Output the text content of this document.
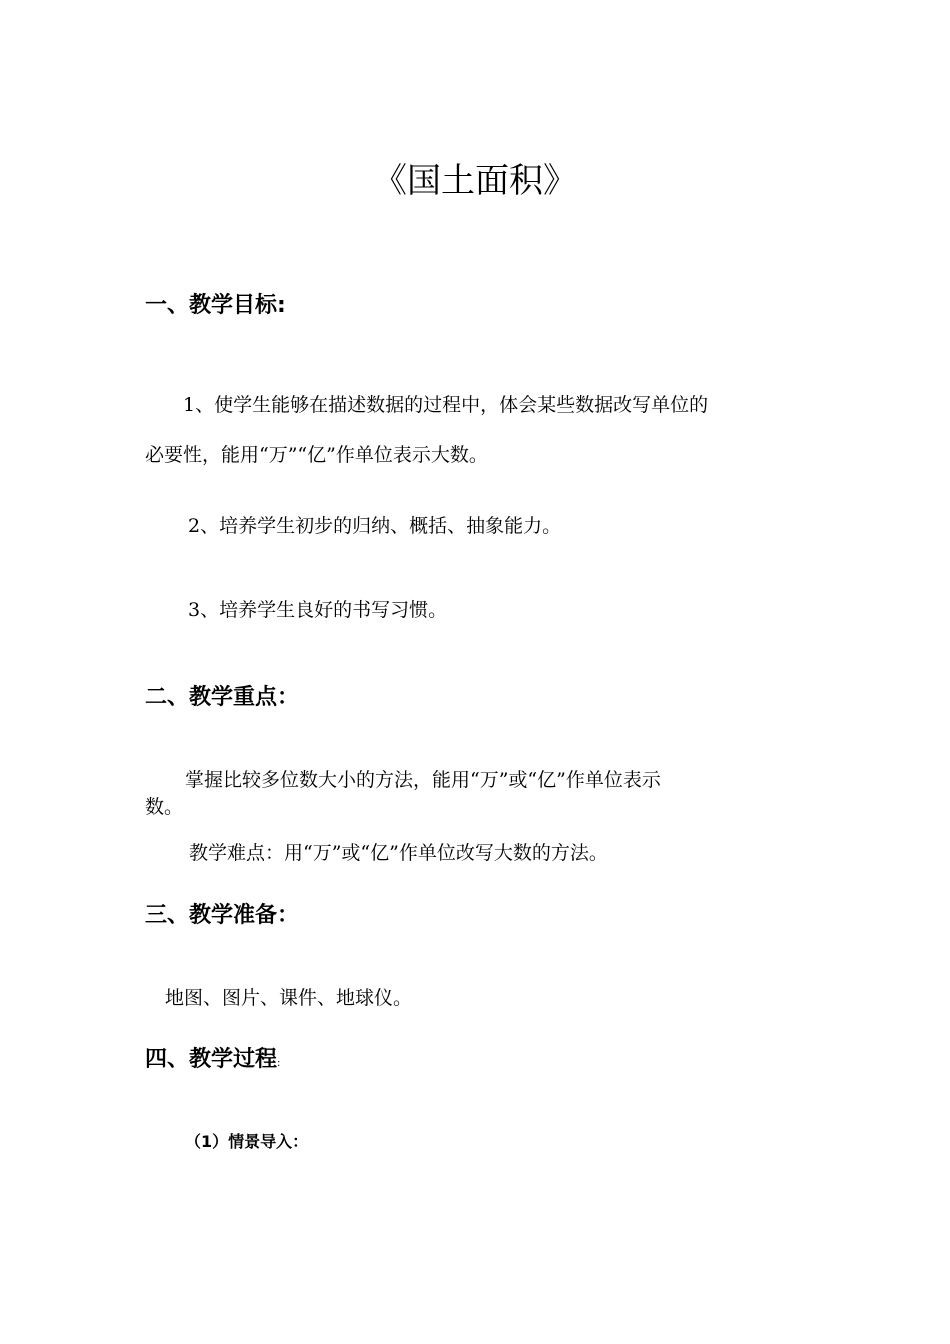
《国土面积》
一、教学目标:

1、使学生能够在描述数据的过程中，体会某些数据改写单位的

必要性，能用“万”“亿”作单位表示大数。

2、培养学生初步的归纳、概括、抽象能力。

3、培养学生良好的书写习惯。

二、教学重点：

掌握比较多位数大小的方法，能用“万”或“亿”作单位表示

数。

教学难点：用“万”或“亿”作单位改写大数的方法。

三、教学准备：

地图、图片、课件、地球仪。

四、教学过程:

（1）情景导入：
